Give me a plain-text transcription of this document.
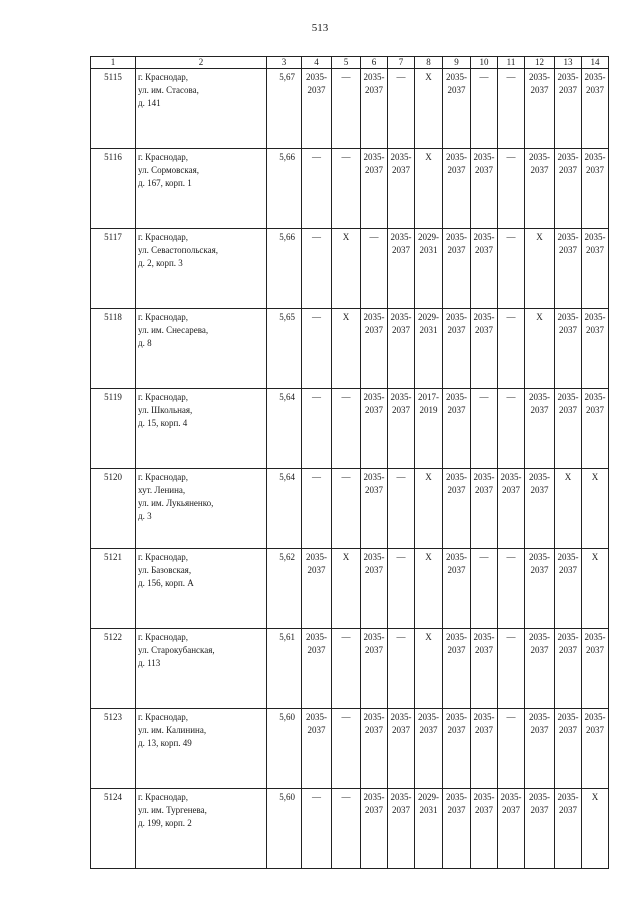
513
1	2	3	4	5	6	7	8	9	10	11	12	13	14
5115	г. Краснодар,
ул. им. Стасова,
д. 141	5,67	2035-
2037	—	2035-
2037	—	Х	2035-
2037	—	—	2035-
2037	2035-
2037	2035-
2037
5116	г. Краснодар,
ул. Сормовская,
д. 167, корп. 1	5,66	—	—	2035-
2037	2035-
2037	Х	2035-
2037	2035-
2037	—	2035-
2037	2035-
2037	2035-
2037
5117	г. Краснодар,
ул. Севастопольская,
д. 2, корп. 3	5,66	—	Х	—	2035-
2037	2029-
2031	2035-
2037	2035-
2037	—	Х	2035-
2037	2035-
2037
5118	г. Краснодар,
ул. им. Снесарева,
д. 8	5,65	—	Х	2035-
2037	2035-
2037	2029-
2031	2035-
2037	2035-
2037	—	Х	2035-
2037	2035-
2037
5119	г. Краснодар,
ул. Школьная,
д. 15, корп. 4	5,64	—	—	2035-
2037	2035-
2037	2017-
2019	2035-
2037	—	—	2035-
2037	2035-
2037	2035-
2037
5120	г. Краснодар,
хут. Ленина,
ул. им. Лукьяненко,
д. 3	5,64	—	—	2035-
2037	—	Х	2035-
2037	2035-
2037	2035-
2037	2035-
2037	Х	Х
5121	г. Краснодар,
ул. Базовская,
д. 156, корп. А	5,62	2035-
2037	Х	2035-
2037	—	Х	2035-
2037	—	—	2035-
2037	2035-
2037	Х
5122	г. Краснодар,
ул. Старокубанская,
д. 113	5,61	2035-
2037	—	2035-
2037	—	Х	2035-
2037	2035-
2037	—	2035-
2037	2035-
2037	2035-
2037
5123	г. Краснодар,
ул. им. Калинина,
д. 13, корп. 49	5,60	2035-
2037	—	2035-
2037	2035-
2037	2035-
2037	2035-
2037	2035-
2037	—	2035-
2037	2035-
2037	2035-
2037
5124	г. Краснодар,
ул. им. Тургенева,
д. 199, корп. 2	5,60	—	—	2035-
2037	2035-
2037	2029-
2031	2035-
2037	2035-
2037	2035-
2037	2035-
2037	2035-
2037	Х
